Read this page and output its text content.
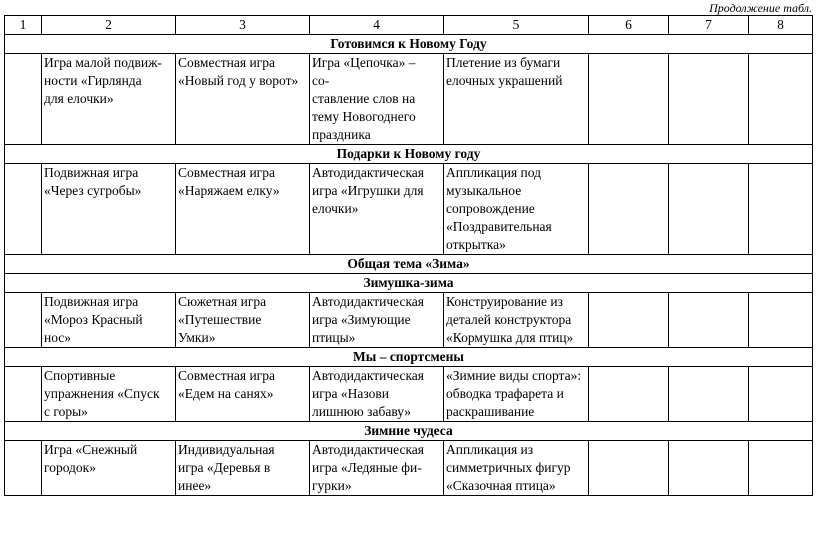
Продолжение табл.
1	2	3	4	5	6	7	8
Готовимся к Новому Году							
	Игра малой подвиж-
ности «Гирлянда
для елочки»	Совместная игра
«Новый год у ворот»	Игра «Цепочка» –
со-
ставление слов на
тему Новогоднего
праздника	Плетение из бумаги
елочных украшений			
Подарки к Новому году							
	Подвижная игра
«Через сугробы»	Совместная игра
«Наряжаем елку»	Автодидактическая
игра «Игрушки для
елочки»	Аппликация под
музыкальное
сопровождение
«Поздравительная
открытка»			
Общая тема «Зима»							
Зимушка-зима							
	Подвижная игра
«Мороз Красный
нос»	Сюжетная игра
«Путешествие
Умки»	Автодидактическая
игра «Зимующие
птицы»	Конструирование из
деталей конструктора
«Кормушка для птиц»			
Мы – спортсмены							
	Спортивные
упражнения «Спуск
с горы»	Совместная игра
«Едем на санях»	Автодидактическая
игра «Назови
лишнюю забаву»	«Зимние виды спорта»:
обводка трафарета и
раскрашивание			
Зимние чудеса							
	Игра «Снежный
городок»	Индивидуальная
игра «Деревья в
инее»	Автодидактическая
игра «Ледяные фи-
гурки»	Аппликация из
симметричных фигур
«Сказочная птица»			
